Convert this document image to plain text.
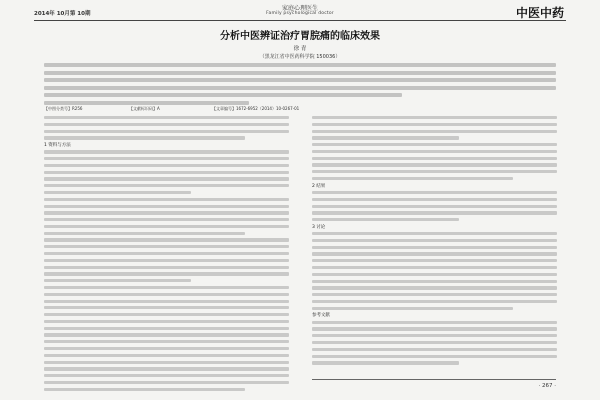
2014年 10月第 10期
家庭心理医生
Family psychological doctor	中医中药
分析中医辨证治疗胃脘痛的临床效果
徐 青
（黑龙江省中医药科学院 150036）
【中图分类号】R256	【文献标识码】A	【文章编号】1672-6952（2014）10-0267-01
1 资料与方法
2 结果
3 讨论
参考文献
· 267 ·
